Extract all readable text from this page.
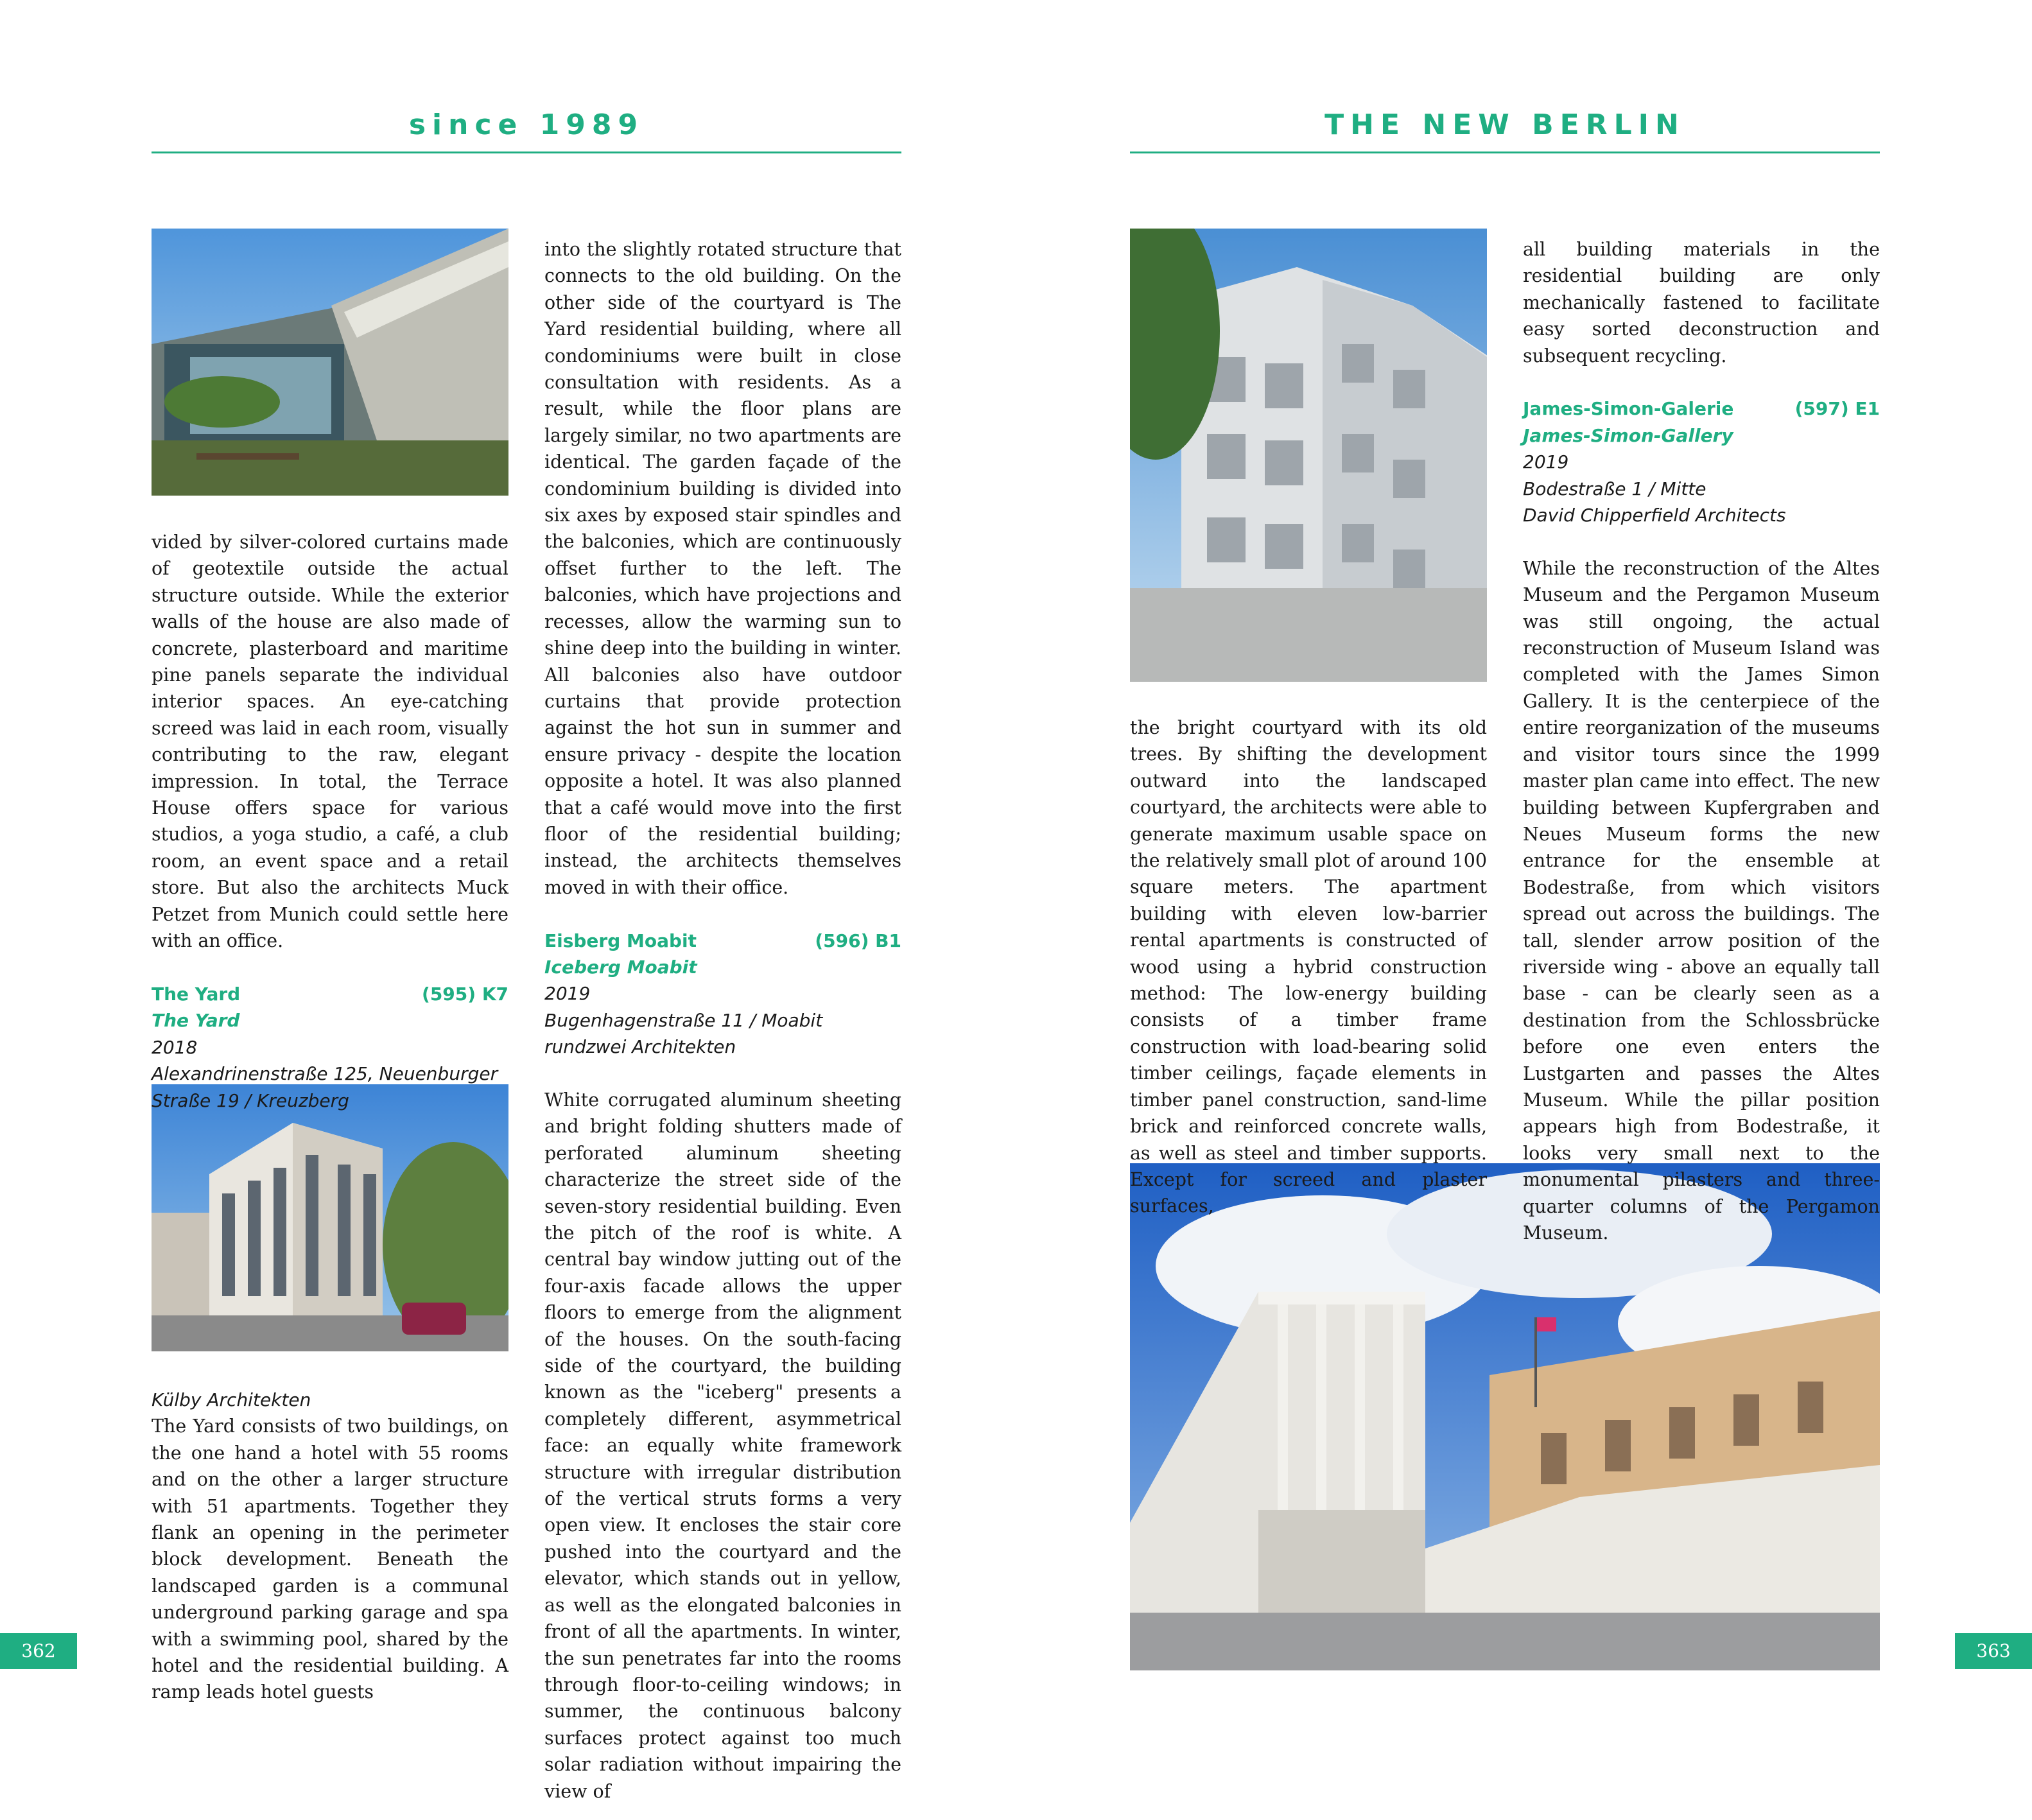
since 1989	THE NEW BERLIN

vided by silver-colored curtains made of geotextile outside the actual structure outside. While the exterior walls of the house are also made of concrete, plasterboard and maritime pine panels separate the individual interior spaces. An eye-catching screed was laid in each room, visually contributing to the raw, elegant impression. In total, the Terrace House offers space for various studios, a yoga studio, a café, a club room, an event space and a retail store. But also the architects Muck Petzet from Munich could settle here with an office.

The Yard	(595) K7
The Yard
2018
Alexandrinenstraße 125, Neuenburger Straße 19 / Kreuzberg
Külby Architekten

The Yard consists of two buildings, on the one hand a hotel with 55 rooms and on the other a larger structure with 51 apartments. Together they flank an opening in the perimeter block development. Beneath the landscaped garden is a communal underground parking garage and spa with a swimming pool, shared by the hotel and the residential building. A ramp leads hotel guests

into the slightly rotated structure that connects to the old building. On the other side of the courtyard is The Yard residential building, where all condominiums were built in close consultation with residents. As a result, while the floor plans are largely similar, no two apartments are identical. The garden façade of the condominium building is divided into six axes by exposed stair spindles and the balconies, which are continuously offset further to the left. The balconies, which have projections and recesses, allow the warming sun to shine deep into the building in winter. All balconies also have outdoor curtains that provide protection against the hot sun in summer and ensure privacy - despite the location opposite a hotel. It was also planned that a café would move into the first floor of the residential building; instead, the architects themselves moved in with their office.

Eisberg Moabit	(596) B1
Iceberg Moabit
2019
Bugenhagenstraße 11 / Moabit
rundzwei Architekten

White corrugated aluminum sheeting and bright folding shutters made of perforated aluminum sheeting characterize the street side of the seven-story residential building. Even the pitch of the roof is white. A central bay window jutting out of the four-axis facade allows the upper floors to emerge from the alignment of the houses. On the south-facing side of the courtyard, the building known as the "iceberg" presents a completely different, asymmetrical face: an equally white framework structure with irregular distribution of the vertical struts forms a very open view. It encloses the stair core pushed into the courtyard and the elevator, which stands out in yellow, as well as the elongated balconies in front of all the apartments. In winter, the sun penetrates far into the rooms through floor-to-ceiling windows; in summer, the continuous balcony surfaces protect against too much solar radiation without impairing the view of

the bright courtyard with its old trees. By shifting the development outward into the landscaped courtyard, the architects were able to generate maximum usable space on the relatively small plot of around 100 square meters. The apartment building with eleven low-barrier rental apartments is constructed of wood using a hybrid construction method: The low-energy building consists of a timber frame construction with load-bearing solid timber ceilings, façade elements in timber panel construction, sand-lime brick and reinforced concrete walls, as well as steel and timber supports. Except for screed and plaster surfaces,

all building materials in the residential building are only mechanically fastened to facilitate easy sorted deconstruction and subsequent recycling.

James-Simon-Galerie	(597) E1
James-Simon-Gallery
2019
Bodestraße 1 / Mitte
David Chipperfield Architects

While the reconstruction of the Altes Museum and the Pergamon Museum was still ongoing, the actual reconstruction of Museum Island was completed with the James Simon Gallery. It is the centerpiece of the entire reorganization of the museums and visitor tours since the 1999 master plan came into effect. The new building between Kupfergraben and Neues Museum forms the new entrance for the ensemble at Bodestraße, from which visitors spread out across the buildings. The tall, slender arrow position of the riverside wing - above an equally tall base - can be clearly seen as a destination from the Schlossbrücke before one even enters the Lustgarten and passes the Altes Museum. While the pillar position appears high from Bodestraße, it looks very small next to the monumental pilasters and three-quarter columns of the Pergamon Museum.

362	363
